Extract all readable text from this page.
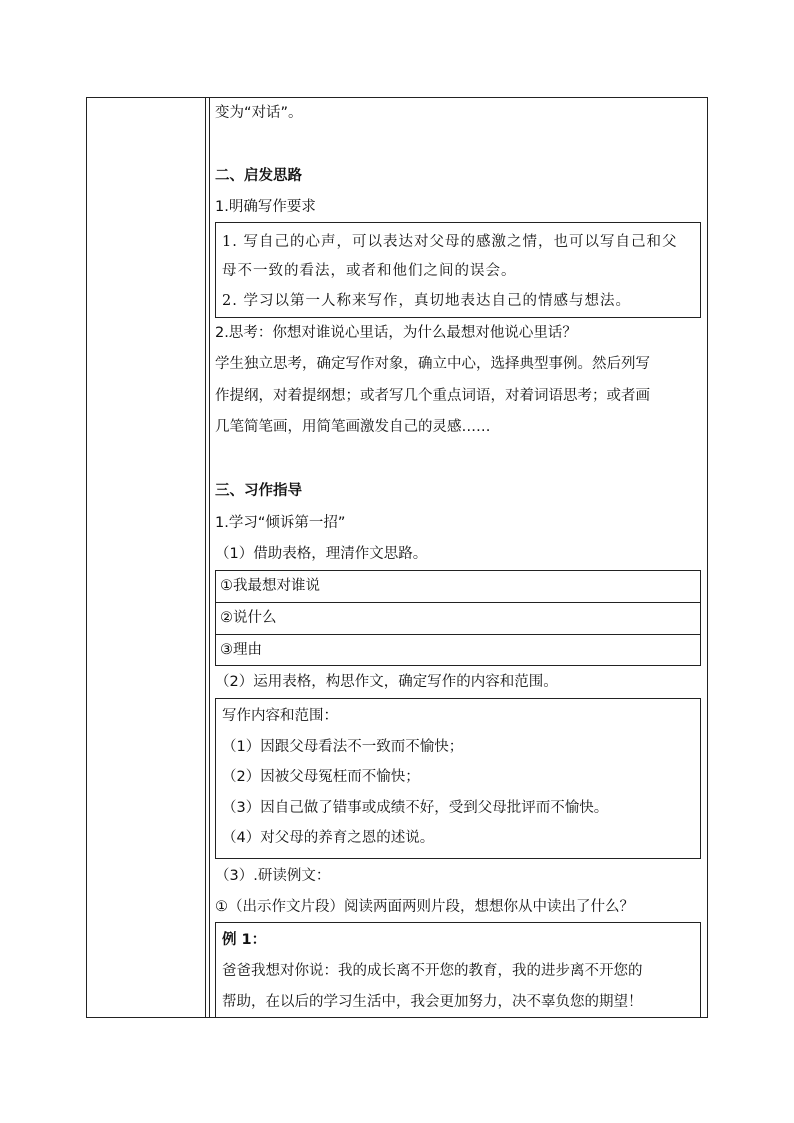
变为“对话”。
二、启发思路
1.明确写作要求
1. 写自己的心声，可以表达对父母的感激之情，也可以写自己和父
母不一致的看法，或者和他们之间的误会。
2. 学习以第一人称来写作，真切地表达自己的情感与想法。
2.思考：你想对谁说心里话，为什么最想对他说心里话？
学生独立思考，确定写作对象，确立中心，选择典型事例。然后列写
作提纲，对着提纲想；或者写几个重点词语，对着词语思考；或者画
几笔简笔画，用简笔画激发自己的灵感……
三、习作指导
1.学习“倾诉第一招”
（1）借助表格，理清作文思路。
①我最想对谁说
②说什么
③理由
（2）运用表格，构思作文，确定写作的内容和范围。
写作内容和范围：
（1）因跟父母看法不一致而不愉快；
（2）因被父母冤枉而不愉快；
（3）因自己做了错事或成绩不好，受到父母批评而不愉快。
（4）对父母的养育之恩的述说。
（3）.研读例文：
①（出示作文片段）阅读两面两则片段，想想你从中读出了什么？
例 1：
爸爸我想对你说：我的成长离不开您的教育，我的进步离不开您的
帮助，在以后的学习生活中，我会更加努力，决不辜负您的期望！
